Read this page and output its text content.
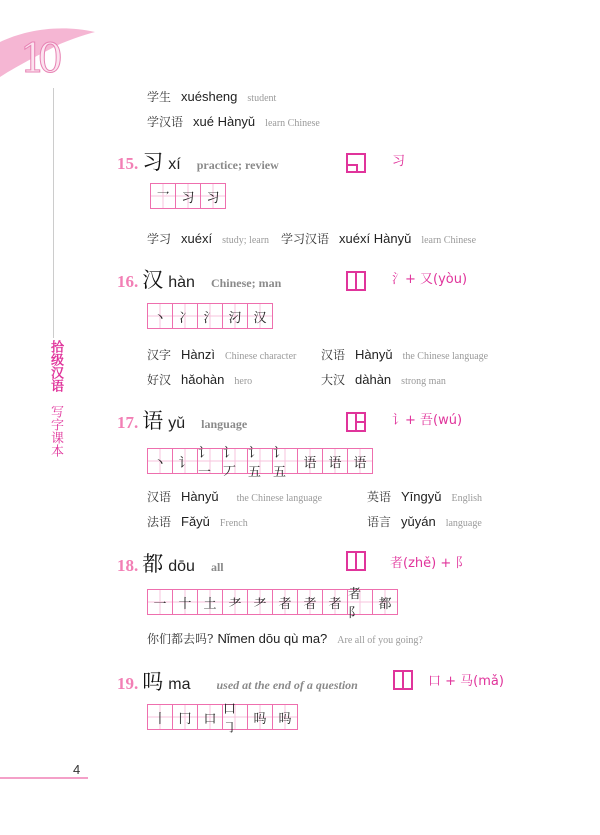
10
拾级汉语
写字课本
学生 xuésheng student
学汉语 xué Hànyǔ learn Chinese
15. 习 xí practice; review	习
乛 习 习
学习 xuéxí study; learn 学习汉语 xuéxí Hànyǔ learn Chinese
16. 汉 hàn Chinese; man	氵+ 又(yòu)
丶 冫 氵 汈 汉
汉字 Hànzì Chinese character 汉语 Hànyǔ the Chinese language
好汉 hǎohàn hero	大汉 dàhàn strong man
17. 语 yǔ language	讠+ 吾(wú)
丶 讠
讠一
讠丆
讠五
讠五
语 语 语
汉语 Hànyǔ the Chinese language	英语 Yīngyǔ English
法语 Fǎyǔ French	语言 yǔyán language
18. 都 dōu all	者(zhě) + 阝
一 十 土 耂 耂 者 者 者
者阝
都
你们都去吗? Nǐmen dōu qù ma? Are all of you going?
19. 吗 ma used at the end of a question	口 + 马(mǎ)
丨 冂 口
口㇆
吗 吗
4
